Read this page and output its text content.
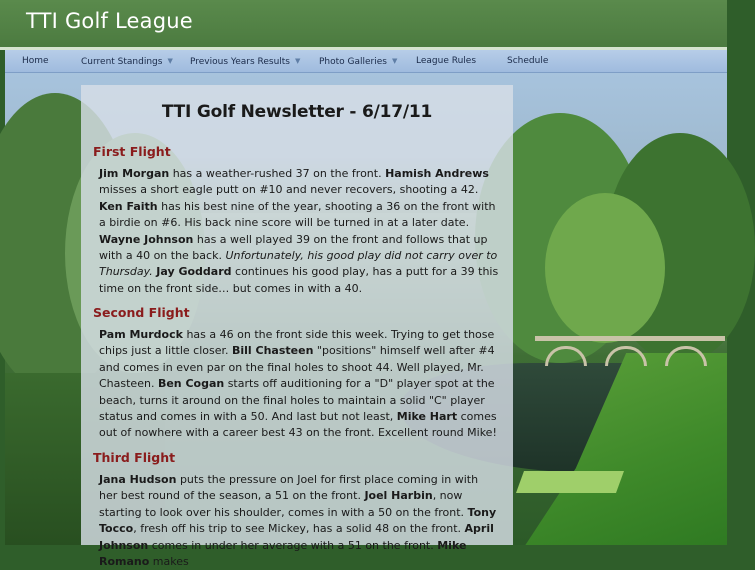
TTI Golf League
Home	Current Standings ▼ Previous Years Results ▼ Photo Galleries ▼ League Rules	Schedule
TTI Golf Newsletter - 6/17/11
First Flight
Jim Morgan has a weather-rushed 37 on the front. Hamish Andrews misses a short eagle putt on #10 and never recovers, shooting a 42. Ken Faith has his best nine of the year, shooting a 36 on the front with a birdie on #6. His back nine score will be turned in at a later date. Wayne Johnson has a well played 39 on the front and follows that up with a 40 on the back. Unfortunately, his good play did not carry over to Thursday. Jay Goddard continues his good play, has a putt for a 39 this time on the front side… but comes in with a 40.
Second Flight
Pam Murdock has a 46 on the front side this week. Trying to get those chips just a little closer. Bill Chasteen "positions" himself well after #4 and comes in even par on the final holes to shoot 44. Well played, Mr. Chasteen. Ben Cogan starts off auditioning for a "D" player spot at the beach, turns it around on the final holes to maintain a solid "C" player status and comes in with a 50. And last but not least, Mike Hart comes out of nowhere with a career best 43 on the front. Excellent round Mike!
Third Flight
Jana Hudson puts the pressure on Joel for first place coming in with her best round of the season, a 51 on the front. Joel Harbin, now starting to look over his shoulder, comes in with a 50 on the front. Tony Tocco, fresh off his trip to see Mickey, has a solid 48 on the front. April Johnson comes in under her average with a 51 on the front. Mike Romano makes
